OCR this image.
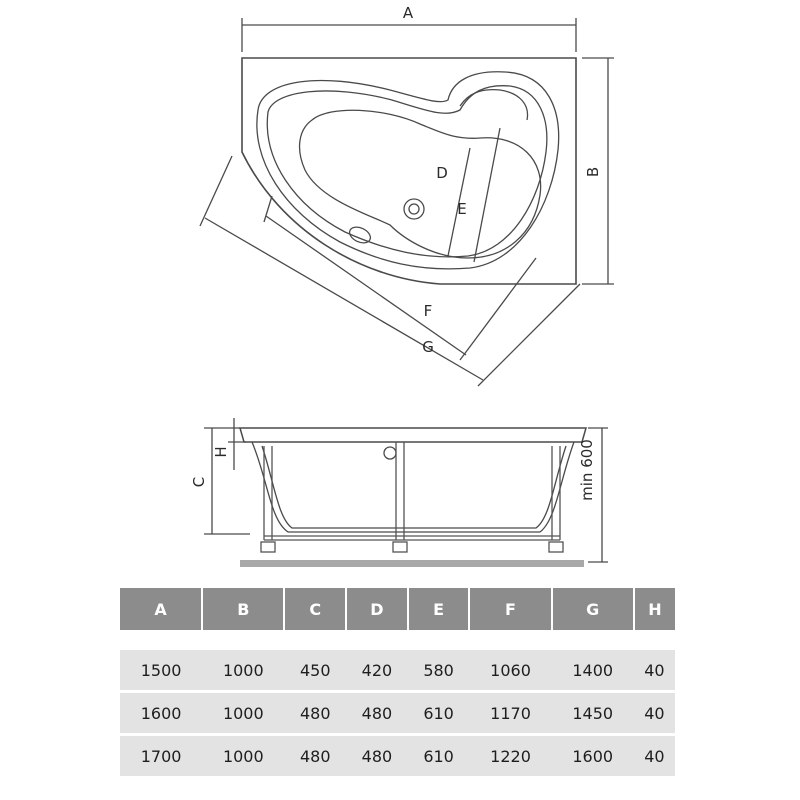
A
B
D
E
F
G
C
H	min 600
A	B	C	D	E	F	G	H

1500	1000	450	420	580	1060	1400	40
1600	1000	480	480	610	1170	1450	40
1700	1000	480	480	610	1220	1600	40
